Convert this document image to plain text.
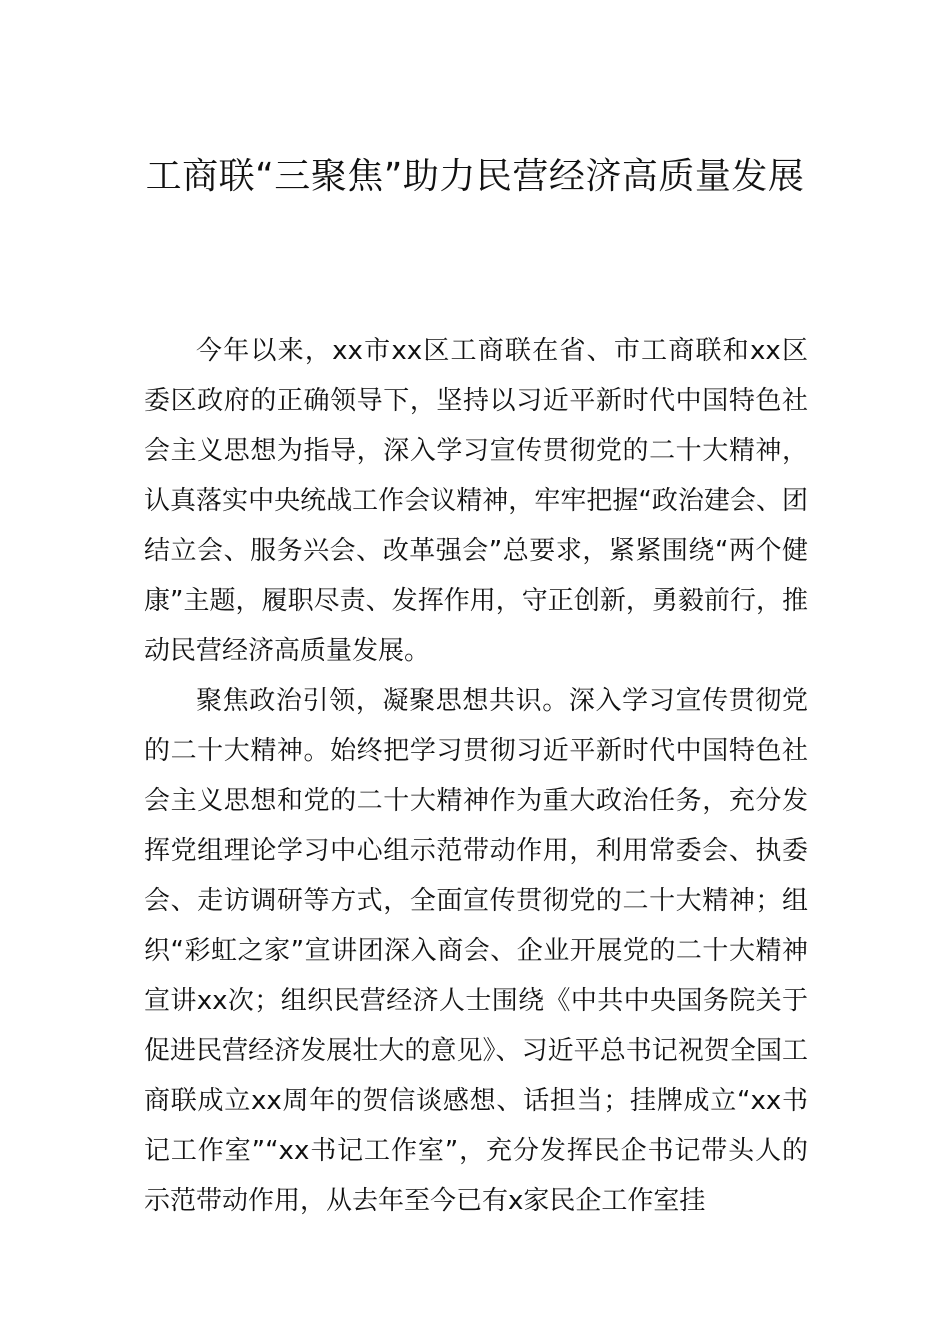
工商联“三聚焦”助力民营经济高质量发展

今年以来，xx市xx区工商联在省、市工商联和xx区委区政府的正确领导下，坚持以习近平新时代中国特色社会主义思想为指导，深入学习宣传贯彻党的二十大精神，认真落实中央统战工作会议精神，牢牢把握“政治建会、团结立会、服务兴会、改革强会”总要求，紧紧围绕“两个健康”主题，履职尽责、发挥作用，守正创新，勇毅前行，推动民营经济高质量发展。

聚焦政治引领，凝聚思想共识。深入学习宣传贯彻党的二十大精神。始终把学习贯彻习近平新时代中国特色社会主义思想和党的二十大精神作为重大政治任务，充分发挥党组理论学习中心组示范带动作用，利用常委会、执委会、走访调研等方式，全面宣传贯彻党的二十大精神；组织“彩虹之家”宣讲团深入商会、企业开展党的二十大精神宣讲xx次；组织民营经济人士围绕《中共中央国务院关于促进民营经济发展壮大的意见》、习近平总书记祝贺全国工商联成立xx周年的贺信谈感想、话担当；挂牌成立“xx书记工作室”“xx书记工作室”，充分发挥民企书记带头人的示范带动作用，从去年至今已有x家民企工作室挂
